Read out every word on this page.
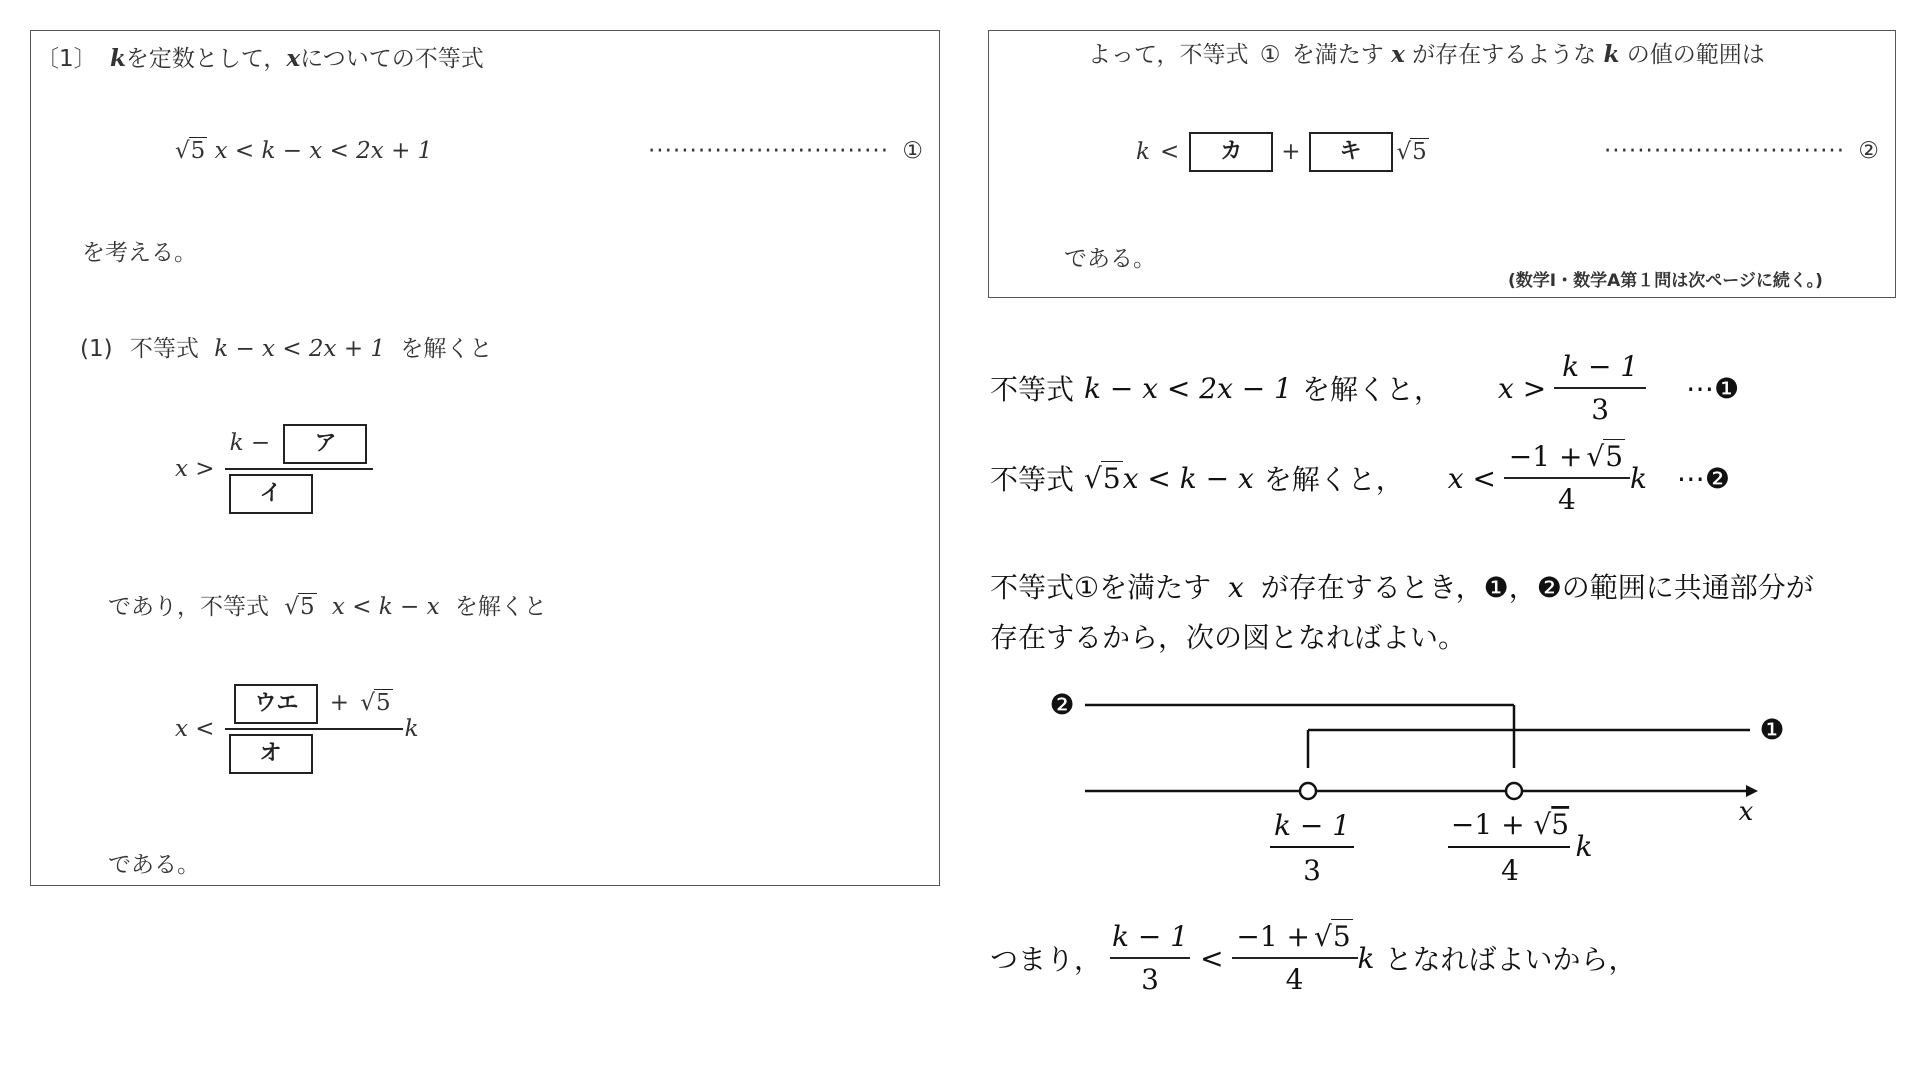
〔1〕 kを定数として，xについての不等式
√5 x < k − x < 2x + 1	····························· ①
を考える。
(1) 不等式 k − x < 2x + 1 を解くと
$x > \frac{\text{k − ア}}{\text{イ}}$
であり，不等式 √5 x < k − x を解くと
$x < \frac{\text{ウエ + √5}}{\text{オ}}$ k
である。
よって，不等式 ① を満たす x が存在するような k の値の範囲は
k <	カ	+	キ	√5	····························· ②
である。
(数学Ⅰ・数学A第１問は次ページに続く。)
不等式 k − x < 2x − 1 を解くと， $x > \frac{k - 1}{3}$ ⋯ ❶
不等式 √5 x < k − x を解くと， $x < \frac{-1 + √5}{4}$ k ⋯ ❷
不等式①を満たす x が存在するとき，❶，❷の範囲に共通部分が
存在するから，次の図となればよい。
❷
❶
x
k − 1
3
−1 + √5
4
k
つまり， $\frac{k - 1}{3} < \frac{-1 + √5}{4}$ k となればよいから，
